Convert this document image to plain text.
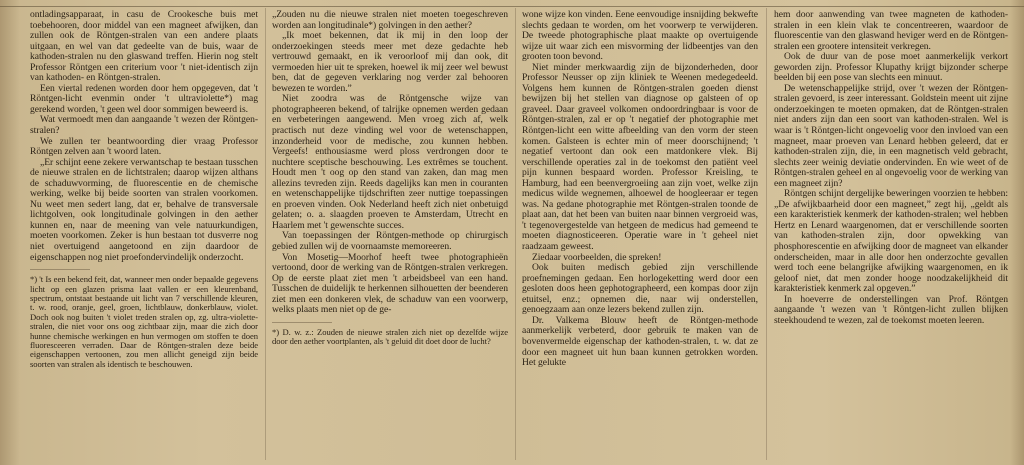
ontladingsapparaat, in casu de Crookesche buis met toebehooren, door middel van een magneet afwijken, dan zullen ook de Röntgen-stralen van een andere plaats uitgaan, en wel van dat gedeelte van de buis, waar de kathoden-stralen nu den glaswand treffen. Hierin nog stelt Professor Röntgen een criterium voor 't niet-identisch zijn van kathoden- en Röntgen-stralen.

Een viertal redenen worden door hem opgegeven, dat 't Röntgen-licht evenmin onder 't ultraviolette*) mag gerekend worden, 't geen wel door sommigen beweerd is.

Wat vermoedt men dan aangaande 't wezen der Röntgen-stralen?

We zullen ter beantwoording dier vraag Professor Röntgen zelven aan 't woord laten.

„Er schijnt eene zekere verwantschap te bestaan tusschen de nieuwe stralen en de lichtstralen; daarop wijzen althans de schaduwvorming, de fluorescentie en de chemische werking, welke bij beide soorten van stralen voorkomen. Nu weet men sedert lang, dat er, behalve de transversale lichtgolven, ook longitudinale golvingen in den aether kunnen en, naar de meening van vele natuurkundigen, moeten voorkomen. Zeker is hun bestaan tot dusverre nog niet overtuigend aangetoond en zijn daardoor de eigenschappen nog niet proefondervindelijk onderzocht.

*) 't Is een bekend feit, dat, wanneer men onder bepaalde gegevens licht op een glazen prisma laat vallen er een kleurenband, spectrum, ontstaat bestaande uit licht van 7 verschillende kleuren, t. w. rood, oranje, geel, groen, lichtblauw, donkerblauw, violet. Doch ook nog buiten 't violet treden stralen op, zg. ultra-violette-stralen, die niet voor ons oog zichtbaar zijn, maar die zich door hunne chemische werkingen en hun vermogen om stoffen te doen fluoresceeren verraden. Daar de Röntgen-stralen deze beide eigenschappen vertoonen, zou men allicht geneigd zijn beide soorten van stralen als identisch te beschouwen.

„Zouden nu die nieuwe stralen niet moeten toegeschreven worden aan longitudinale*) golvingen in den aether?

„Ik moet bekennen, dat ik mij in den loop der onderzoekingen steeds meer met deze gedachte heb vertrouwd gemaakt, en ik veroorloof mij dan ook, dit vermoeden hier uit te spreken, hoewel ik mij zeer wel bewust ben, dat de gegeven verklaring nog verder zal behooren bewezen te worden.”

Niet zoodra was de Röntgensche wijze van photographeeren bekend, of talrijke opnemen werden gedaan en verbeteringen aangewend. Men vroeg zich af, welk practisch nut deze vinding wel voor de wetenschappen, inzonderheid voor de medische, zou kunnen hebben. Vergeefs! enthousiasme werd ploss verdrongen door te nuchtere sceptische beschouwing. Les extrêmes se touchent. Houdt men 't oog op den stand van zaken, dan mag men allezins tevreden zijn. Reeds dagelijks kan men in couranten en wetenschappelijke tijdschriften zeer nuttige toepassingen en proeven vinden. Ook Nederland heeft zich niet onbetuigd gelaten; o. a. slaagden proeven te Amsterdam, Utrecht en Haarlem met 't gewenschte succes.

Van toepassingen der Röntgen-methode op chirurgisch gebied zullen wij de voornaamste memoreeren.

Von Mosetig—Moorhof heeft twee photographieën vertoond, door de werking van de Röntgen-stralen verkregen. Op de eerste plaat ziet men 't arbeidsbeel van een hand. Tusschen de duidelijk te herkennen silhouetten der beenderen ziet men een donkeren vlek, de schaduw van een voorwerp, welks plaats men niet op de ge-

*) D. w. z.: Zouden de nieuwe stralen zich niet op dezelfde wijze door den aether voortplanten, als 't geluid dit doet door de lucht?

wone wijze kon vinden. Eene eenvoudige insnijding bekwefte slechts gedaan te worden, om het voorwerp te verwijderen. De tweede photographische plaat maakte op overtuigende wijze uit waar zich een misvorming der lidbeentjes van den grooten toon bevond.

Niet minder merkwaardig zijn de bijzonderheden, door Professor Neusser op zijn kliniek te Weenen medegedeeld. Volgens hem kunnen de Röntgen-stralen goeden dienst bewijzen bij het stellen van diagnose op galsteen of op graveel. Daar graveel volkomen ondoordringbaar is voor de Röntgen-stralen, zal er op 't negatief der photographie met Röntgen-licht een witte afbeelding van den vorm der steen komen. Galsteen is echter min of meer doorschijnend; 't negatief vertoont dan ook een matdonkere vlek. Bij verschillende operaties zal in de toekomst den patiënt veel pijn kunnen bespaard worden. Professor Kreisling, te Hamburg, had een beenvergroeiing aan zijn voet, welke zijn medicus wilde wegnemen, alhoewel de hoogleeraar er tegen was. Na gedane photographie met Röntgen-stralen toonde de plaat aan, dat het been van buiten naar binnen vergroeid was, 't tegenovergestelde van hetgeen de medicus had gemeend te moeten diagnosticeeren. Operatie ware in 't geheel niet raadzaam geweest.

Ziedaar voorbeelden, die spreken!

Ook buiten medisch gebied zijn verschillende proefnemingen gedaan. Een horlogeketting werd door een gesloten doos heen gephotographeerd, een kompas door zijn etuitsel, enz.; opnemen die, naar wij onderstellen, genoegzaam aan onze lezers bekend zullen zijn.

Dr. Valkema Blouw heeft de Röntgen-methode aanmerkelijk verbeterd, door gebruik te maken van de bovenvermelde eigenschap der kathoden-stralen, t. w. dat ze door een magneet uit hun baan kunnen getrokken worden. Het gelukte

hem door aanwending van twee magneten de kathoden-stralen in een klein vlak te concentreeren, waardoor de fluorescentie van den glaswand heviger werd en de Röntgen-stralen een grootere intensiteit verkregen.

Ook de duur van de pose moet aanmerkelijk verkort geworden zijn. Professor Klupathy krijgt bijzonder scherpe beelden bij een pose van slechts een minuut.

De wetenschappelijke strijd, over 't wezen der Röntgen-stralen gevoerd, is zeer interessant. Goldstein meent uit zijne onderzoekingen te moeten opmaken, dat de Röntgen-stralen niet anders zijn dan een soort van kathoden-stralen. Wel is waar is 't Röntgen-licht ongevoelig voor den invloed van een magneet, maar proeven van Lenard hebben geleerd, dat er kathoden-stralen zijn, die, in een magnetisch veld gebracht, slechts zeer weinig deviatie ondervinden. En wie weet of de Röntgen-stralen geheel en al ongevoelig voor de werking van een magneet zijn?

Röntgen schijnt dergelijke beweringen voorzien te hebben: „De afwijkbaarheid door een magneet,” zegt hij, „geldt als een karakteristiek kenmerk der kathoden-stralen; wel hebben Hertz en Lenard waargenomen, dat er verschillende soorten van kathoden-stralen zijn, door opwekking van phosphorescentie en afwijking door de magneet van elkander onderscheiden, maar in alle door hen onderzochte gevallen werd toch eene belangrijke afwijking waargenomen, en ik geloof niet, dat men zonder hooge noodzakelijkheid dit karakteristiek kenmerk zal opgeven.”

In hoeverre de onderstellingen van Prof. Röntgen aangaande 't wezen van 't Röntgen-licht zullen blijken steekhoudend te wezen, zal de toekomst moeten leeren.
